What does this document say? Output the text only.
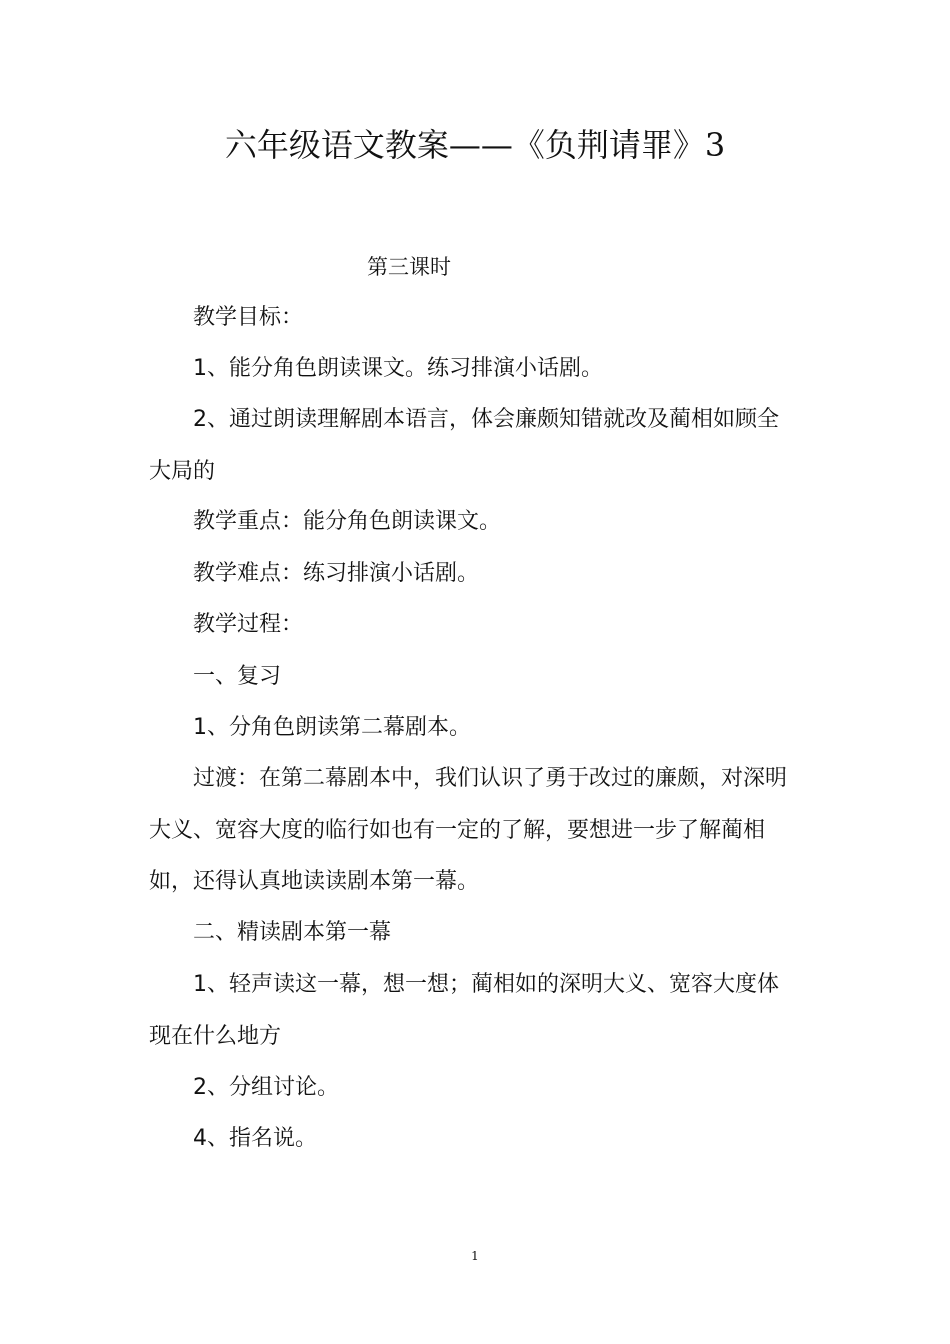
六年级语文教案——《负荆请罪》3
第三课时
教学目标：
1、能分角色朗读课文。练习排演小话剧。
2、通过朗读理解剧本语言，体会廉颇知错就改及蔺相如顾全
大局的
教学重点：能分角色朗读课文。
教学难点：练习排演小话剧。
教学过程：
一、复习
1、分角色朗读第二幕剧本。
过渡：在第二幕剧本中，我们认识了勇于改过的廉颇，对深明
大义、宽容大度的临行如也有一定的了解，要想进一步了解蔺相
如，还得认真地读读剧本第一幕。
二、精读剧本第一幕
1、轻声读这一幕，想一想；蔺相如的深明大义、宽容大度体
现在什么地方
2、分组讨论。
4、指名说。
1
